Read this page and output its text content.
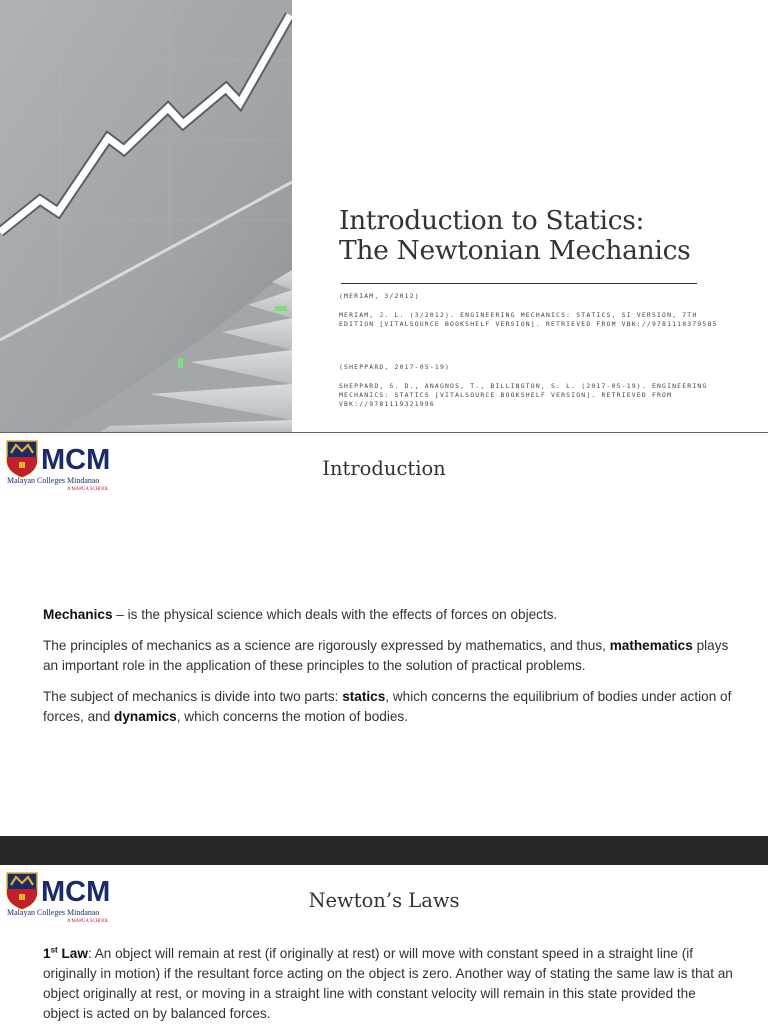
Introduction to Statics:
The Newtonian Mechanics
(MERIAM, 3/2012)
MERIAM, J. L. (3/2012). ENGINEERING MECHANICS: STATICS, SI VERSION, 7TH EDITION [VITALSOURCE BOOKSHELF VERSION]. RETRIEVED FROM VBK://9781118379585
(SHEPPARD, 2017-05-19)
SHEPPARD, S. D., ANAGNOS, T., BILLINGTON, S. L. (2017-05-19). ENGINEERING MECHANICS: STATICS [VITALSOURCE BOOKSHELF VERSION]. RETRIEVED FROM VBK://9781119321996
MCM
Malayan Colleges Mindanao
A MAPÚA SCHOOL
Introduction

Mechanics – is the physical science which deals with the effects of forces on objects.

The principles of mechanics as a science are rigorously expressed by mathematics, and thus, mathematics plays an important role in the application of these principles to the solution of practical problems.

The subject of mechanics is divide into two parts: statics, which concerns the equilibrium of bodies under action of forces, and dynamics, which concerns the motion of bodies.

MCM
Malayan Colleges Mindanao
A MAPÚA SCHOOL
Newton’s Laws

1st Law: An object will remain at rest (if originally at rest) or will move with constant speed in a straight line (if originally in motion) if the resultant force acting on the object is zero. Another way of stating the same law is that an object originally at rest, or moving in a straight line with constant velocity will remain in this state provided the object is acted on by balanced forces.
